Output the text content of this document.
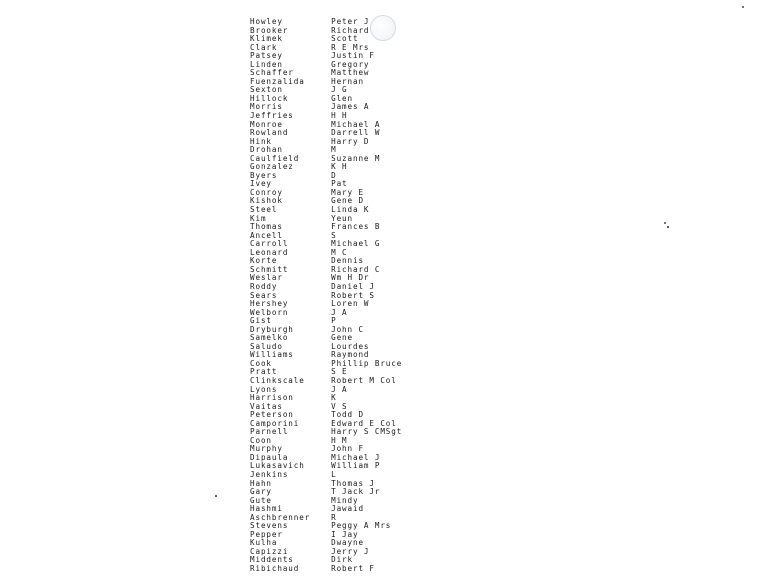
Howley	Peter J
Brooker	Richard
Klimek	Scott
Clark	R E Mrs
Patsey	Justin F
Linden	Gregory
Schaffer	Matthew
Fuenzalida	Hernan
Sexton	J G
Hillock	Glen
Morris	James A
Jeffries	H H
Monroe	Michael A
Rowland	Darrell W
Hink	Harry D
Drohan	M
Caulfield	Suzanne M
Gonzalez	K H
Byers	D
Ivey	Pat
Conroy	Mary E
Kishok	Gene D
Steel	Linda K
Kim	Yeun
Thomas	Frances B
Ancell	S
Carroll	Michael G
Leonard	M C
Korte	Dennis
Schmitt	Richard C
Weslar	Wm H Dr
Roddy	Daniel J
Sears	Robert S
Hershey	Loren W
Welborn	J A
Gist	P
Dryburgh	John C
Samelko	Gene
Saludo	Lourdes
Williams	Raymond
Cook	Phillip Bruce
Pratt	S E
Clinkscale	Robert M Col
Lyons	J A
Harrison	K
Vaitas	V S
Peterson	Todd D
Camporini	Edward E Col
Parnell	Harry S CMSgt
Coon	H M
Murphy	John F
Dipaula	Michael J
Lukasavich	William P
Jenkins	L
Hahn	Thomas J
Gary	T Jack Jr
Gute	Mindy
Hashmi	Jawaid
Aschbrenner	R
Stevens	Peggy A Mrs
Pepper	I Jay
Kulha	Dwayne
Capizzi	Jerry J
Middents	Dirk
Ribichaud	Robert F
